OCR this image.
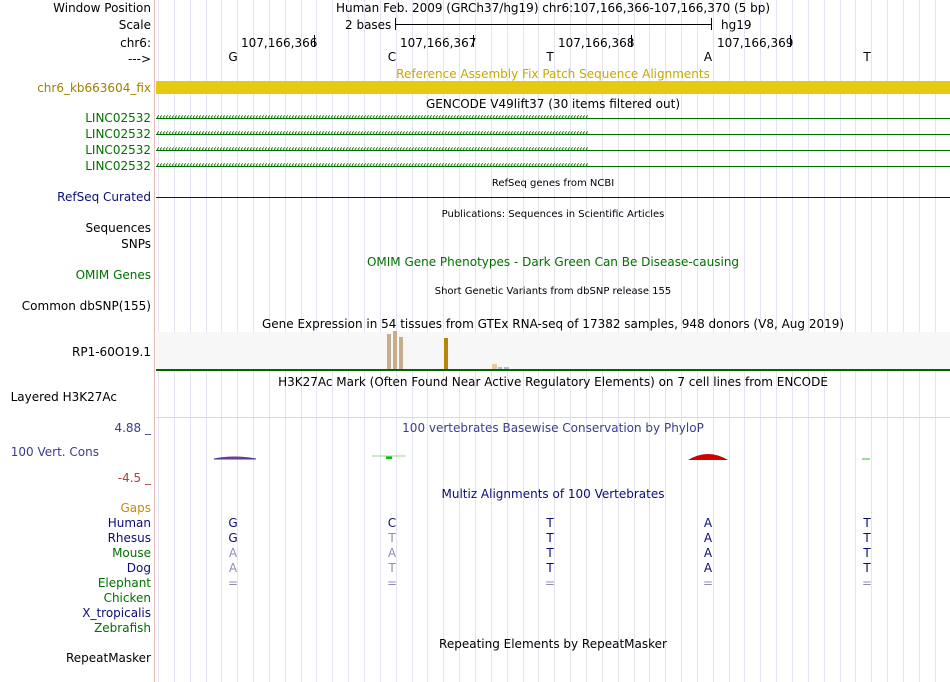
Window Position
Scale
chr6:
--->
chr6_kb663604_fix
LINC02532
LINC02532
LINC02532
LINC02532
RefSeq Curated
Sequences
SNPs
OMIM Genes
Common dbSNP(155)
RP1-60O19.1
Layered H3K27Ac
4.88 _
100 Vert. Cons
-4.5 _
Gaps
Human
Rhesus
Mouse
Dog
Elephant
Chicken
X_tropicalis
Zebrafish
RepeatMasker
Human Feb. 2009 (GRCh37/hg19) chr6:107,166,366-107,166,370 (5 bp)
2 bases	hg19
107,166,366	107,166,367	107,166,368	107,166,369
G	C	T	A	T
Reference Assembly Fix Patch Sequence Alignments
GENCODE V49lift37 (30 items filtered out)
‹‹‹‹‹‹‹‹‹‹‹‹‹‹‹‹‹‹‹‹‹‹‹‹‹‹‹‹‹‹‹‹‹‹‹‹‹‹‹‹‹‹‹‹‹‹‹‹‹‹‹‹‹‹‹‹‹‹‹‹‹‹‹‹‹‹‹‹‹‹‹‹‹‹‹‹‹‹‹‹‹‹‹‹‹‹‹‹‹‹‹‹‹‹‹‹‹‹‹‹‹‹‹‹‹‹‹‹‹‹‹‹‹‹‹‹‹‹‹‹‹‹‹‹‹‹‹‹‹‹‹‹‹‹‹‹‹‹‹‹‹‹‹‹
‹‹‹‹‹‹‹‹‹‹‹‹‹‹‹‹‹‹‹‹‹‹‹‹‹‹‹‹‹‹‹‹‹‹‹‹‹‹‹‹‹‹‹‹‹‹‹‹‹‹‹‹‹‹‹‹‹‹‹‹‹‹‹‹‹‹‹‹‹‹‹‹‹‹‹‹‹‹‹‹‹‹‹‹‹‹‹‹‹‹‹‹‹‹‹‹‹‹‹‹‹‹‹‹‹‹‹‹‹‹‹‹‹‹‹‹‹‹‹‹‹‹‹‹‹‹‹‹‹‹‹‹‹‹‹‹‹‹‹‹‹‹‹‹
‹‹‹‹‹‹‹‹‹‹‹‹‹‹‹‹‹‹‹‹‹‹‹‹‹‹‹‹‹‹‹‹‹‹‹‹‹‹‹‹‹‹‹‹‹‹‹‹‹‹‹‹‹‹‹‹‹‹‹‹‹‹‹‹‹‹‹‹‹‹‹‹‹‹‹‹‹‹‹‹‹‹‹‹‹‹‹‹‹‹‹‹‹‹‹‹‹‹‹‹‹‹‹‹‹‹‹‹‹‹‹‹‹‹‹‹‹‹‹‹‹‹‹‹‹‹‹‹‹‹‹‹‹‹‹‹‹‹‹‹‹‹‹‹
‹‹‹‹‹‹‹‹‹‹‹‹‹‹‹‹‹‹‹‹‹‹‹‹‹‹‹‹‹‹‹‹‹‹‹‹‹‹‹‹‹‹‹‹‹‹‹‹‹‹‹‹‹‹‹‹‹‹‹‹‹‹‹‹‹‹‹‹‹‹‹‹‹‹‹‹‹‹‹‹‹‹‹‹‹‹‹‹‹‹‹‹‹‹‹‹‹‹‹‹‹‹‹‹‹‹‹‹‹‹‹‹‹‹‹‹‹‹‹‹‹‹‹‹‹‹‹‹‹‹‹‹‹‹‹‹‹‹‹‹‹‹‹‹
RefSeq genes from NCBI
Publications: Sequences in Scientific Articles
OMIM Gene Phenotypes - Dark Green Can Be Disease-causing
Short Genetic Variants from dbSNP release 155
Gene Expression in 54 tissues from GTEx RNA-seq of 17382 samples, 948 donors (V8, Aug 2019)
H3K27Ac Mark (Often Found Near Active Regulatory Elements) on 7 cell lines from ENCODE
100 vertebrates Basewise Conservation by PhyloP
Multiz Alignments of 100 Vertebrates
G	C	T	A	T
G	T	T	A	T
A	A	T	A	T
A	T	T	A	T
=	=	=	=	=
Repeating Elements by RepeatMasker
